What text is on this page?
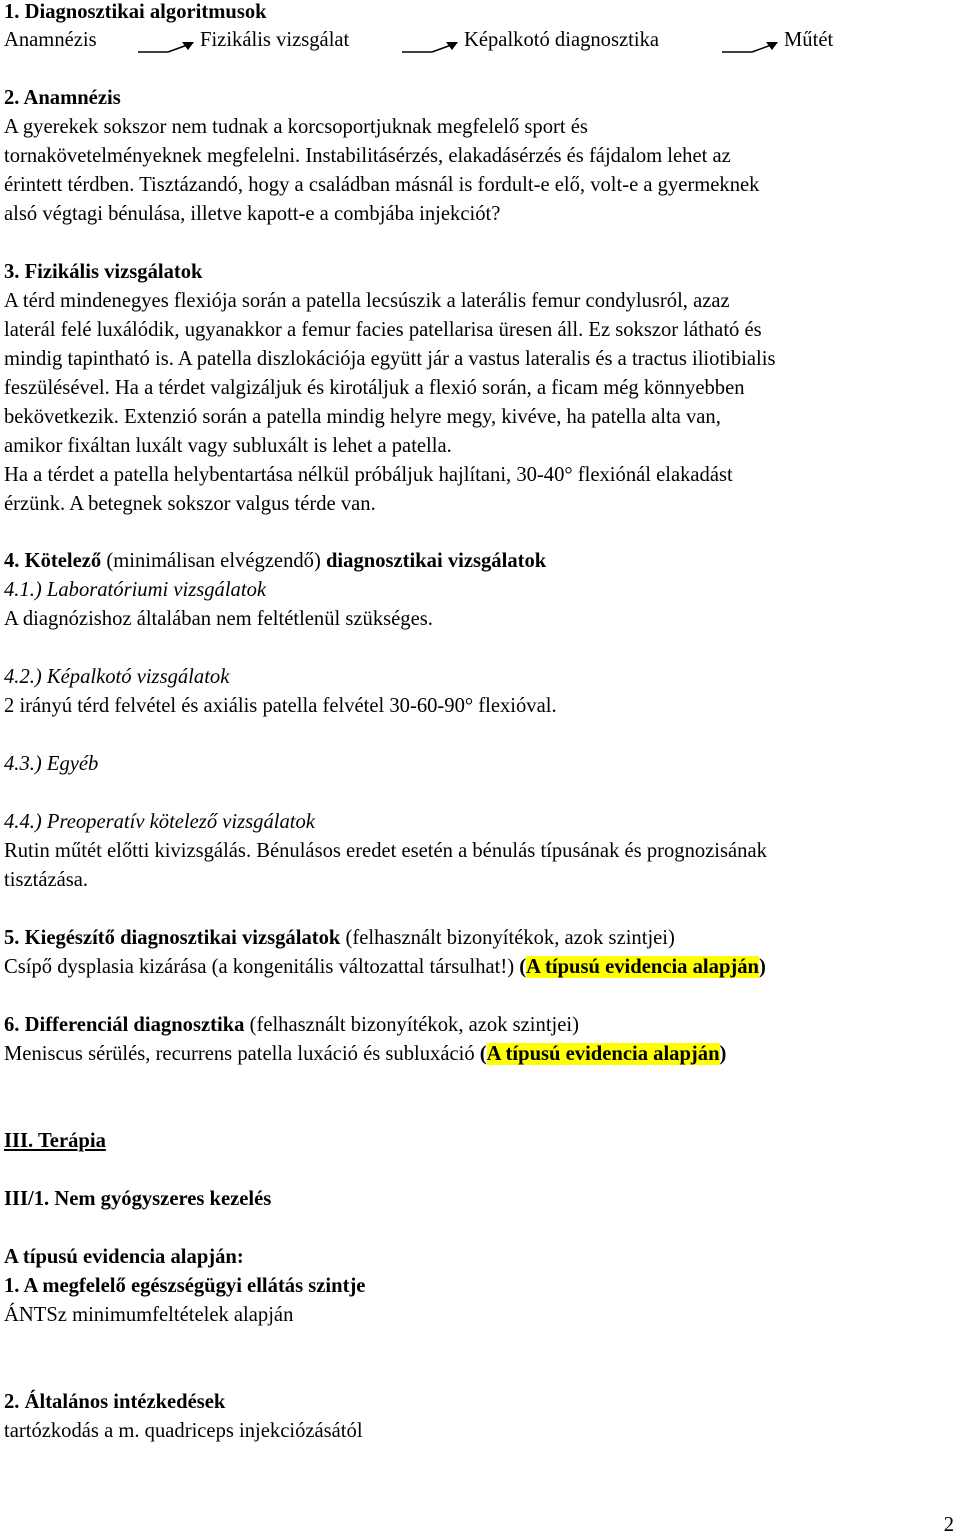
1. Diagnosztikai algoritmusok
Anamnézis	Fizikális vizsgálat	Képalkotó diagnosztika	Műtét
2. Anamnézis
A gyerekek sokszor nem tudnak a korcsoportjuknak megfelelő sport és
tornakövetelményeknek megfelelni. Instabilitásérzés, elakadásérzés és fájdalom lehet az
érintett térdben. Tisztázandó, hogy a családban másnál is fordult-e elő, volt-e a gyermeknek
alsó végtagi bénulása, illetve kapott-e a combjába injekciót?
3. Fizikális vizsgálatok
A térd mindenegyes flexiója során a patella lecsúszik a laterális femur condylusról, azaz
laterál felé luxálódik, ugyanakkor a femur facies patellarisa üresen áll. Ez sokszor látható és
mindig tapintható is. A patella diszlokációja együtt jár a vastus lateralis és a tractus iliotibialis
feszülésével. Ha a térdet valgizáljuk és kirotáljuk a flexió során, a ficam még könnyebben
bekövetkezik. Extenzió során a patella mindig helyre megy, kivéve, ha patella alta van,
amikor fixáltan luxált vagy subluxált is lehet a patella.
Ha a térdet a patella helybentartása nélkül próbáljuk hajlítani, 30-40° flexiónál elakadást
érzünk. A betegnek sokszor valgus térde van.
4. Kötelező (minimálisan elvégzendő) diagnosztikai vizsgálatok
4.1.) Laboratóriumi vizsgálatok
A diagnózishoz általában nem feltétlenül szükséges.
4.2.) Képalkotó vizsgálatok
2 irányú térd felvétel és axiális patella felvétel 30-60-90° flexióval.
4.3.) Egyéb
4.4.) Preoperatív kötelező vizsgálatok
Rutin műtét előtti kivizsgálás. Bénulásos eredet esetén a bénulás típusának és prognozisának
tisztázása.
5. Kiegészítő diagnosztikai vizsgálatok (felhasznált bizonyítékok, azok szintjei)
Csípő dysplasia kizárása (a kongenitális változattal társulhat!) (A típusú evidencia alapján)
6. Differenciál diagnosztika (felhasznált bizonyítékok, azok szintjei)
Meniscus sérülés, recurrens patella luxáció és subluxáció (A típusú evidencia alapján)
III. Terápia
III/1. Nem gyógyszeres kezelés
A típusú evidencia alapján:
1. A megfelelő egészségügyi ellátás szintje
ÁNTSz minimumfeltételek alapján
2. Általános intézkedések
tartózkodás a m. quadriceps injekciózásától
2
